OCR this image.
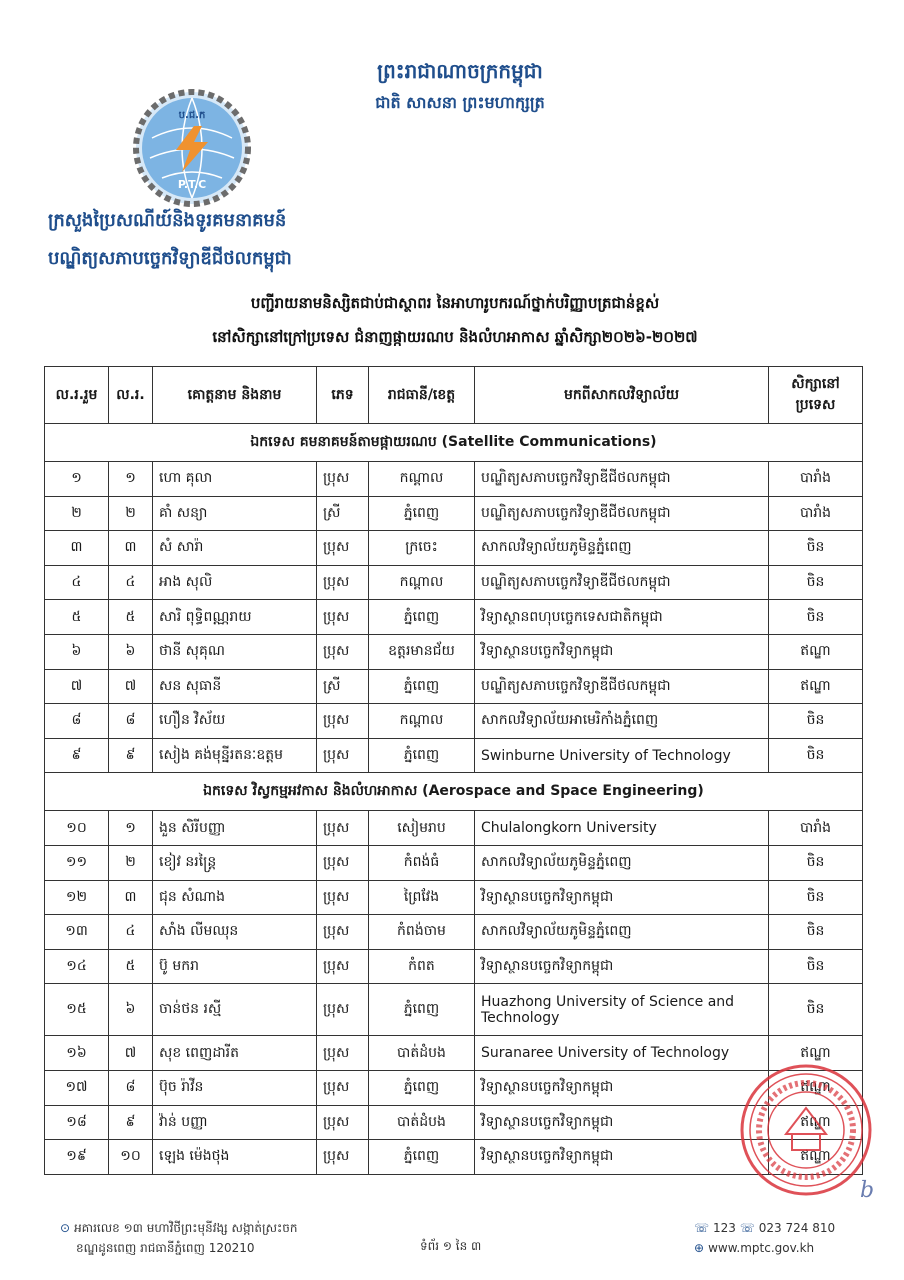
ព្រះរាជាណាចក្រកម្ពុជា
ជាតិ សាសនា ព្រះមហាក្សត្រ
ប.ជ.ក
P.T.C
ក្រសួងប្រៃសណីយ៍និងទូរគមនាគមន៍
បណ្ឌិត្យសភាបច្ចេកវិទ្យាឌីជីថលកម្ពុជា
បញ្ជីរាយនាមនិស្សិតជាប់ជាស្ថាពរ នៃអាហារូបករណ៍ថ្នាក់បរិញ្ញាបត្រជាន់ខ្ពស់
នៅសិក្សានៅក្រៅប្រទេស ជំនាញផ្កាយរណប និងលំហអាកាស ឆ្នាំសិក្សា២០២៦-២០២៧
ល.រ.រួម	ល.រ.	គោត្តនាម និងនាម	ភេទ	រាជធានី/ខេត្ត	មកពីសាកលវិទ្យាល័យ	សិក្សានៅប្រទេស
ឯកទេស គមនាគមន៍តាមផ្កាយរណប (Satellite Communications)						
១	១	ហោ គុលា	ប្រុស	កណ្ដាល	បណ្ឌិត្យសភាបច្ចេកវិទ្យាឌីជីថលកម្ពុជា	បារាំង
២	២	គាំ សន្យា	ស្រី	ភ្នំពេញ	បណ្ឌិត្យសភាបច្ចេកវិទ្យាឌីជីថលកម្ពុជា	បារាំង
៣	៣	សំ សារ៉ា	ប្រុស	ក្រចេះ	សាកលវិទ្យាល័យភូមិន្ទភ្នំពេញ	ចិន
៤	៤	អាង សុលិ	ប្រុស	កណ្ដាល	បណ្ឌិត្យសភាបច្ចេកវិទ្យាឌីជីថលកម្ពុជា	ចិន
៥	៥	សារិ ពុទ្ធិពណ្ណរាយ	ប្រុស	ភ្នំពេញ	វិទ្យាស្ថានពហុបច្ចេកទេសជាតិកម្ពុជា	ចិន
៦	៦	ថានី សុគុណ	ប្រុស	ឧត្តរមានជ័យ	វិទ្យាស្ថានបច្ចេកវិទ្យាកម្ពុជា	ឥណ្ឌា
៧	៧	សន សុធានី	ស្រី	ភ្នំពេញ	បណ្ឌិត្យសភាបច្ចេកវិទ្យាឌីជីថលកម្ពុជា	ឥណ្ឌា
៨	៨	ហឿន វិស័យ	ប្រុស	កណ្ដាល	សាកលវិទ្យាល័យអាមេរិកាំងភ្នំពេញ	ចិន
៩	៩	សៀង គង់មុន្នីរតនៈឧត្តម	ប្រុស	ភ្នំពេញ	Swinburne University of Technology	ចិន
ឯកទេស វិស្វកម្មអវកាស និងលំហអាកាស (Aerospace and Space Engineering)						
១០	១	ងួន សិរីបញ្ញា	ប្រុស	សៀមរាប	Chulalongkorn University	បារាំង
១១	២	ខៀវ នរន្ត្រៃ	ប្រុស	កំពង់ធំ	សាកលវិទ្យាល័យភូមិន្ទភ្នំពេញ	ចិន
១២	៣	ជុន សំណាង	ប្រុស	ព្រៃវែង	វិទ្យាស្ថានបច្ចេកវិទ្យាកម្ពុជា	ចិន
១៣	៤	សាំង លីមឈុន	ប្រុស	កំពង់ចាម	សាកលវិទ្យាល័យភូមិន្ទភ្នំពេញ	ចិន
១៤	៥	ប៊ូ មករា	ប្រុស	កំពត	វិទ្យាស្ថានបច្ចេកវិទ្យាកម្ពុជា	ចិន
១៥	៦	ចាន់ថន រស្មី	ប្រុស	ភ្នំពេញ	Huazhong University of Science and Technology	ចិន
១៦	៧	សុខ ពេញដារីត	ប្រុស	បាត់ដំបង	Suranaree University of Technology	ឥណ្ឌា
១៧	៨	ប៊ុច រ៉ាវីន	ប្រុស	ភ្នំពេញ	វិទ្យាស្ថានបច្ចេកវិទ្យាកម្ពុជា	ឥណ្ឌា
១៨	៩	វ៉ាន់ បញ្ញា	ប្រុស	បាត់ដំបង	វិទ្យាស្ថានបច្ចេកវិទ្យាកម្ពុជា	ឥណ្ឌា
១៩	១០	ឡេង ម៉េងថុង	ប្រុស	ភ្នំពេញ	វិទ្យាស្ថានបច្ចេកវិទ្យាកម្ពុជា	ឥណ្ឌា
⊙ អគារលេខ ១៣ មហាវិថីព្រះមុនីវង្ស សង្កាត់ស្រះចក
ខណ្ឌដូនពេញ រាជធានីភ្នំពេញ 120210	ទំព័រ ១ នៃ ៣
☏ 123 ☏ 023 724 810
⊕ www.mptc.gov.kh
b
